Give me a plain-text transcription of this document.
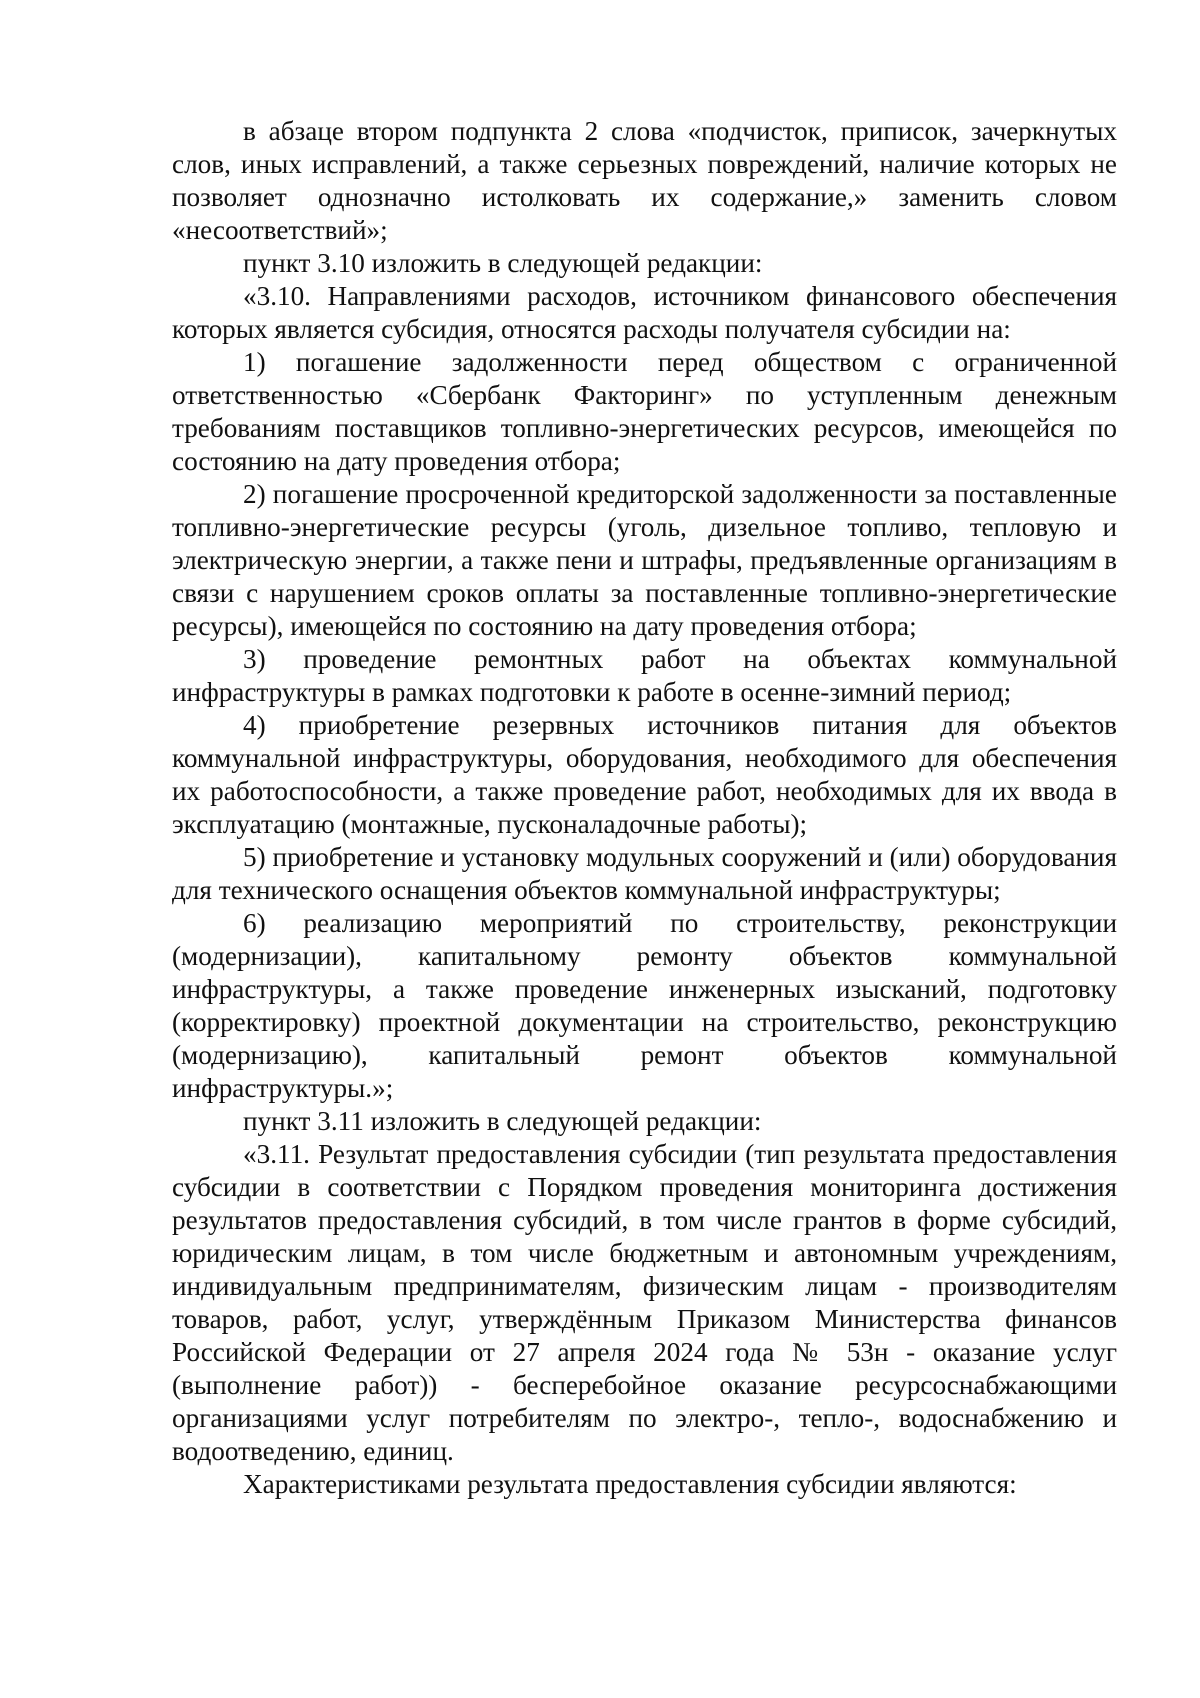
в абзаце втором подпункта 2 слова «подчисток, приписок, зачеркнутых слов, иных исправлений, а также серьезных повреждений, наличие которых не позволяет однозначно истолковать их содержание,» заменить словом «несоответствий»;

пункт 3.10 изложить в следующей редакции:

«3.10. Направлениями расходов, источником финансового обеспечения которых является субсидия, относятся расходы получателя субсидии на:

1) погашение задолженности перед обществом с ограниченной ответственностью «Сбербанк Факторинг» по уступленным денежным требованиям поставщиков топливно-энергетических ресурсов, имеющейся по состоянию на дату проведения отбора;

2) погашение просроченной кредиторской задолженности за поставленные топливно-энергетические ресурсы (уголь, дизельное топливо, тепловую и электрическую энергии, а также пени и штрафы, предъявленные организациям в связи с нарушением сроков оплаты за поставленные топливно-энергетические ресурсы), имеющейся по состоянию на дату проведения отбора;

3) проведение ремонтных работ на объектах коммунальной инфраструктуры в рамках подготовки к работе в осенне-зимний период;

4) приобретение резервных источников питания для объектов коммунальной инфраструктуры, оборудования, необходимого для обеспечения их работоспособности, а также проведение работ, необходимых для их ввода в эксплуатацию (монтажные, пусконаладочные работы);

5) приобретение и установку модульных сооружений и (или) оборудования для технического оснащения объектов коммунальной инфраструктуры;

6) реализацию мероприятий по строительству, реконструкции (модернизации), капитальному ремонту объектов коммунальной инфраструктуры, а также проведение инженерных изысканий, подготовку (корректировку) проектной документации на строительство, реконструкцию (модернизацию), капитальный ремонт объектов коммунальной инфраструктуры.»;

пункт 3.11 изложить в следующей редакции:

«3.11. Результат предоставления субсидии (тип результата предоставления субсидии в соответствии с Порядком проведения мониторинга достижения результатов предоставления субсидий, в том числе грантов в форме субсидий, юридическим лицам, в том числе бюджетным и автономным учреждениям, индивидуальным предпринимателям, физическим лицам - производителям товаров, работ, услуг, утверждённым Приказом Министерства финансов Российской Федерации от 27 апреля 2024 года № 53н - оказание услуг (выполнение работ)) - бесперебойное оказание ресурсоснабжающими организациями услуг потребителям по электро-, тепло-, водоснабжению и водоотведению, единиц.

Характеристиками результата предоставления субсидии являются:
